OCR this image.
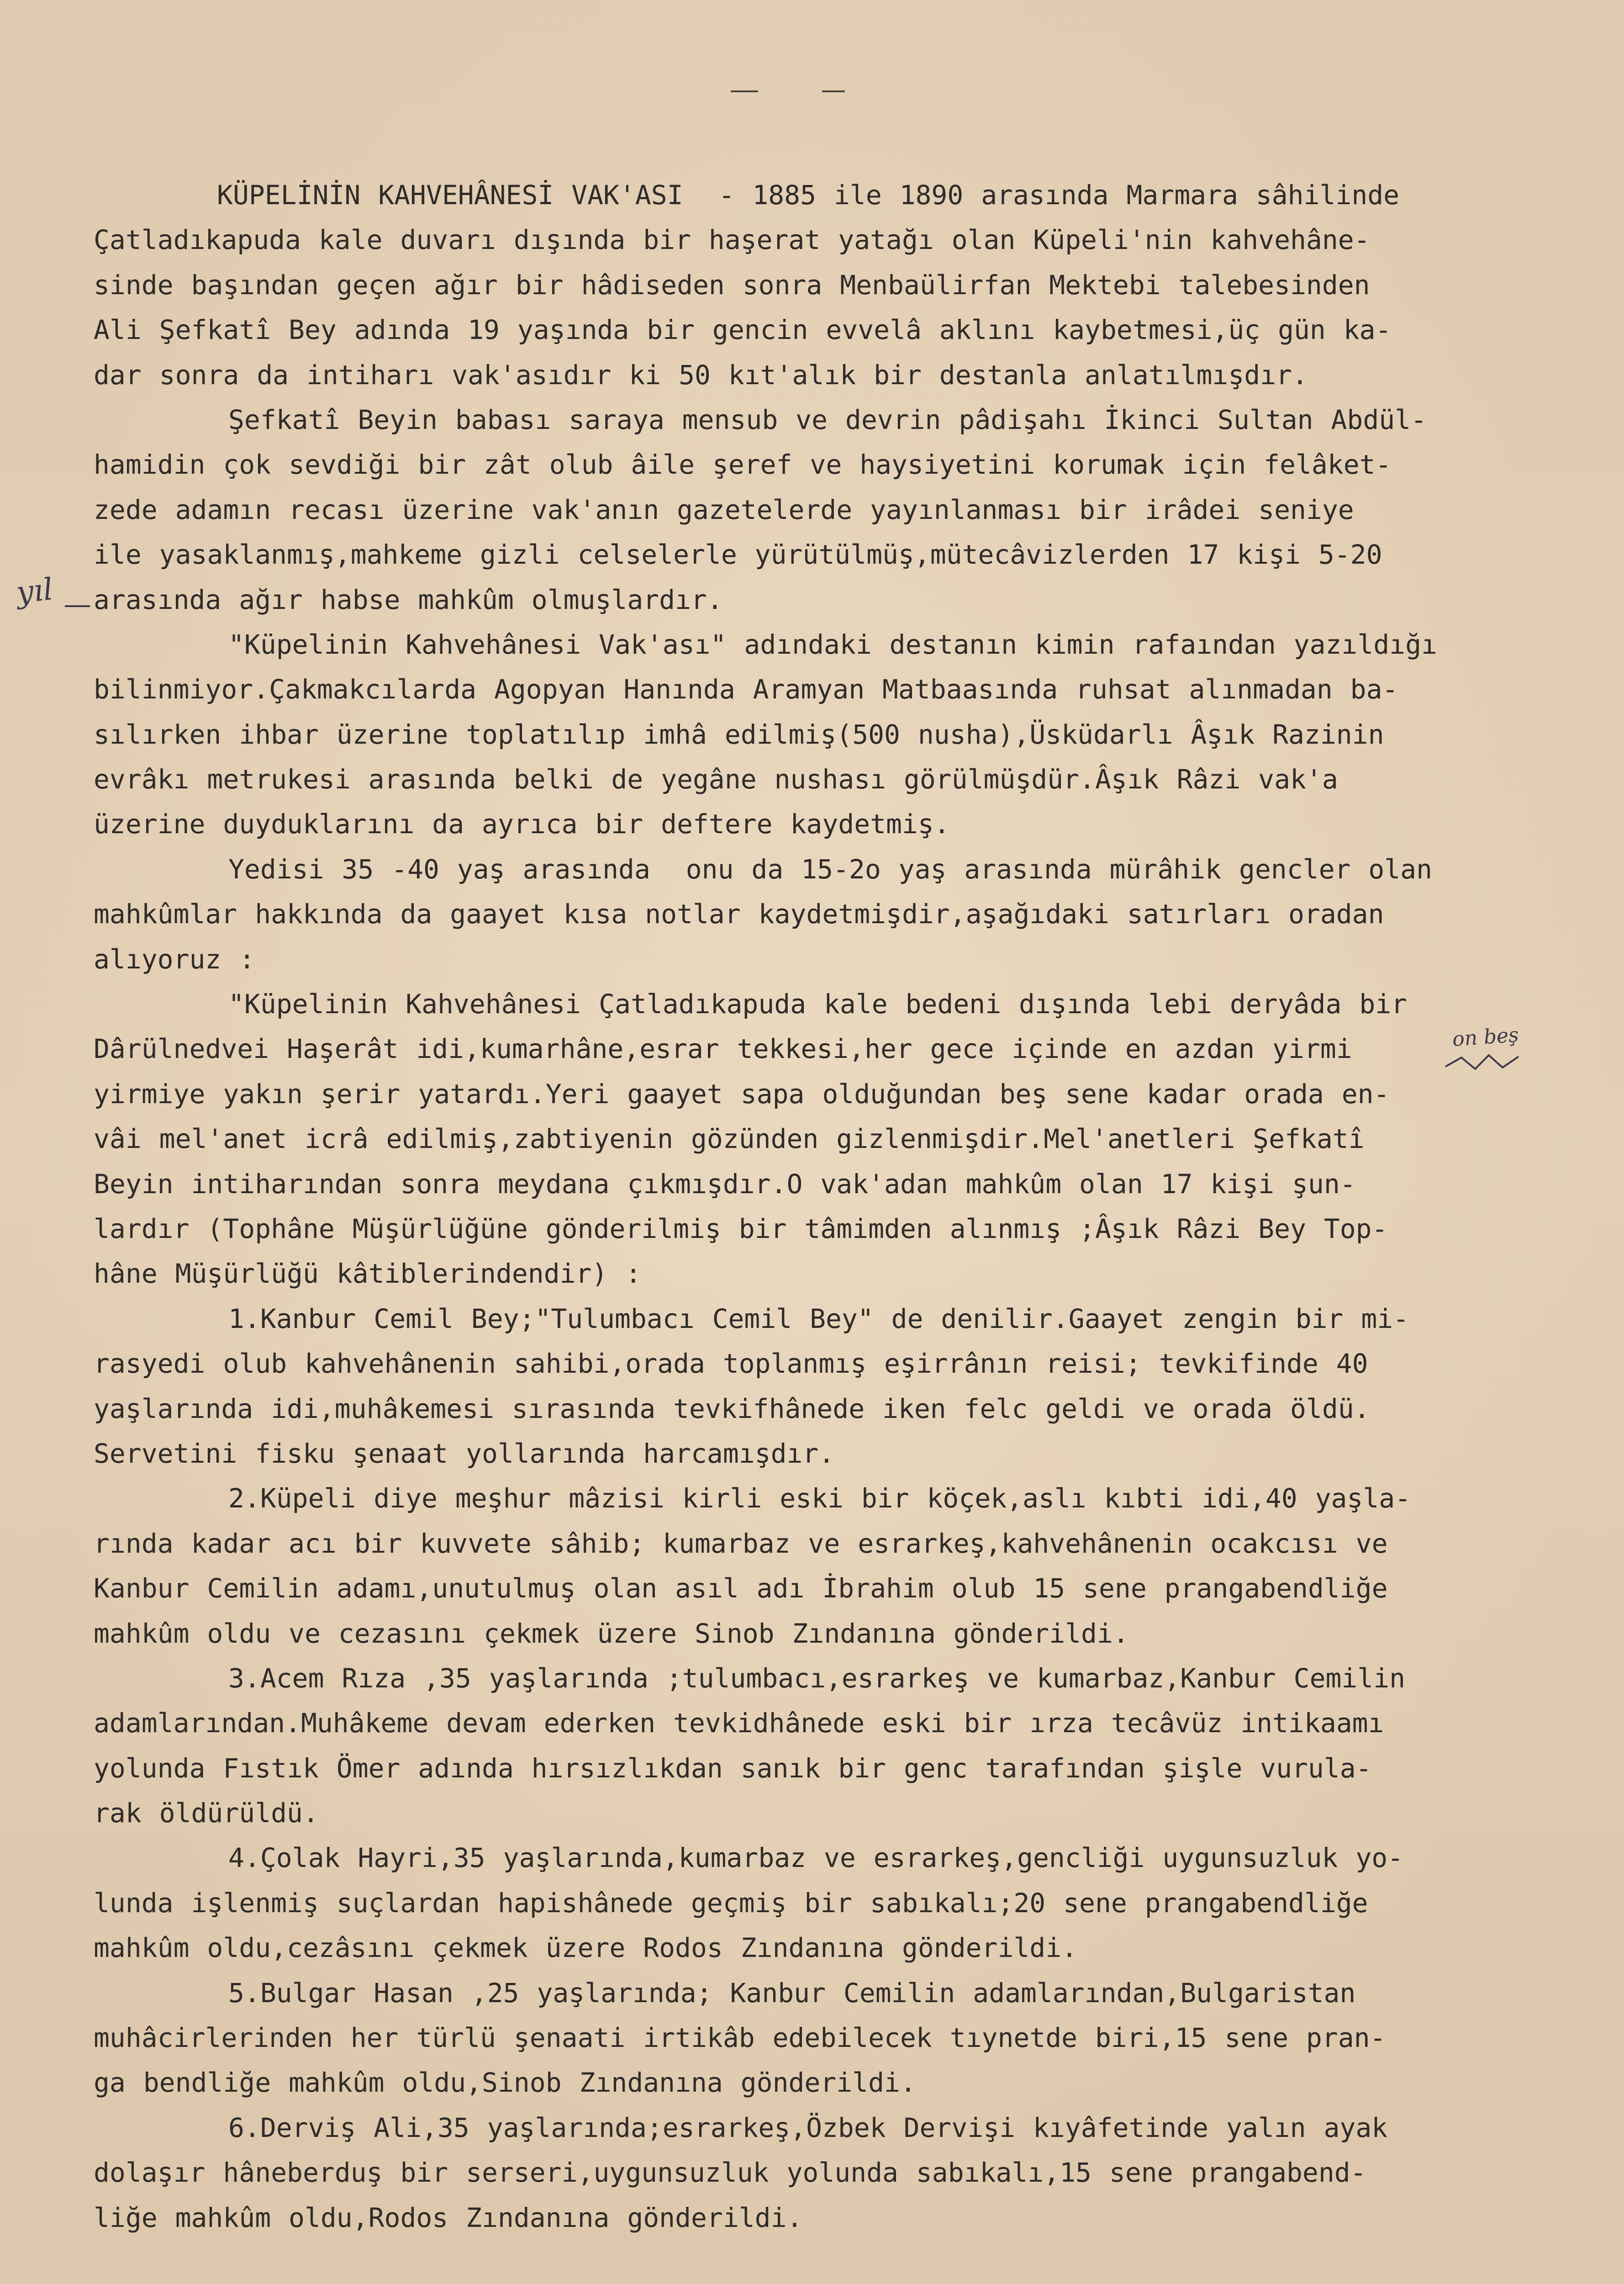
yıl
on beş
KÜPELİNİN KAHVEHÂNESİ VAK'ASI  - 1885 ile 1890 arasında Marmara sâhilinde
Çatladıkapuda kale duvarı dışında bir haşerat yatağı olan Küpeli'nin kahvehâne-
sinde başından geçen ağır bir hâdiseden sonra Menbaülirfan Mektebi talebesinden
Ali Şefkatî Bey adında 19 yaşında bir gencin evvelâ aklını kaybetmesi,üç gün ka-
dar sonra da intiharı vak'asıdır ki 50 kıt'alık bir destanla anlatılmışdır.
Şefkatî Beyin babası saraya mensub ve devrin pâdişahı İkinci Sultan Abdül-
hamidin çok sevdiği bir zât olub âile şeref ve haysiyetini korumak için felâket-
zede adamın recası üzerine vak'anın gazetelerde yayınlanması bir irâdei seniye
ile yasaklanmış,mahkeme gizli celselerle yürütülmüş,mütecâvizlerden 17 kişi 5-20
arasında ağır habse mahkûm olmuşlardır.
"Küpelinin Kahvehânesi Vak'ası" adındaki destanın kimin rafaından yazıldığı
bilinmiyor.Çakmakcılarda Agopyan Hanında Aramyan Matbaasında ruhsat alınmadan ba-
sılırken ihbar üzerine toplatılıp imhâ edilmiş(500 nusha),Üsküdarlı Âşık Razinin
evrâkı metrukesi arasında belki de yegâne nushası görülmüşdür.Âşık Râzi vak'a
üzerine duyduklarını da ayrıca bir deftere kaydetmiş.
Yedisi 35 -40 yaş arasında  onu da 15-2o yaş arasında mürâhik gencler olan
mahkûmlar hakkında da gaayet kısa notlar kaydetmişdir,aşağıdaki satırları oradan
alıyoruz :
"Küpelinin Kahvehânesi Çatladıkapuda kale bedeni dışında lebi deryâda bir
Dârülnedvei Haşerât idi,kumarhâne,esrar tekkesi,her gece içinde en azdan yirmi
yirmiye yakın şerir yatardı.Yeri gaayet sapa olduğundan beş sene kadar orada en-
vâi mel'anet icrâ edilmiş,zabtiyenin gözünden gizlenmişdir.Mel'anetleri Şefkatî
Beyin intiharından sonra meydana çıkmışdır.O vak'adan mahkûm olan 17 kişi şun-
lardır (Tophâne Müşürlüğüne gönderilmiş bir tâmimden alınmış ;Âşık Râzi Bey Top-
hâne Müşürlüğü kâtiblerindendir) :
1.Kanbur Cemil Bey;"Tulumbacı Cemil Bey" de denilir.Gaayet zengin bir mi-
rasyedi olub kahvehânenin sahibi,orada toplanmış eşirrânın reisi; tevkifinde 40
yaşlarında idi,muhâkemesi sırasında tevkifhânede iken felc geldi ve orada öldü.
Servetini fisku şenaat yollarında harcamışdır.
2.Küpeli diye meşhur mâzisi kirli eski bir köçek,aslı kıbti idi,40 yaşla-
rında kadar acı bir kuvvete sâhib; kumarbaz ve esrarkeş,kahvehânenin ocakcısı ve
Kanbur Cemilin adamı,unutulmuş olan asıl adı İbrahim olub 15 sene prangabendliğe
mahkûm oldu ve cezasını çekmek üzere Sinob Zındanına gönderildi.
3.Acem Rıza ,35 yaşlarında ;tulumbacı,esrarkeş ve kumarbaz,Kanbur Cemilin
adamlarından.Muhâkeme devam ederken tevkidhânede eski bir ırza tecâvüz intikaamı
yolunda Fıstık Ömer adında hırsızlıkdan sanık bir genc tarafından şişle vurula-
rak öldürüldü.
4.Çolak Hayri,35 yaşlarında,kumarbaz ve esrarkeş,gencliği uygunsuzluk yo-
lunda işlenmiş suçlardan hapishânede geçmiş bir sabıkalı;20 sene prangabendliğe
mahkûm oldu,cezâsını çekmek üzere Rodos Zındanına gönderildi.
5.Bulgar Hasan ,25 yaşlarında; Kanbur Cemilin adamlarından,Bulgaristan
muhâcirlerinden her türlü şenaati irtikâb edebilecek tıynetde biri,15 sene pran-
ga bendliğe mahkûm oldu,Sinob Zındanına gönderildi.
6.Derviş Ali,35 yaşlarında;esrarkeş,Özbek Dervişi kıyâfetinde yalın ayak
dolaşır hâneberduş bir serseri,uygunsuzluk yolunda sabıkalı,15 sene prangabend-
liğe mahkûm oldu,Rodos Zındanına gönderildi.
